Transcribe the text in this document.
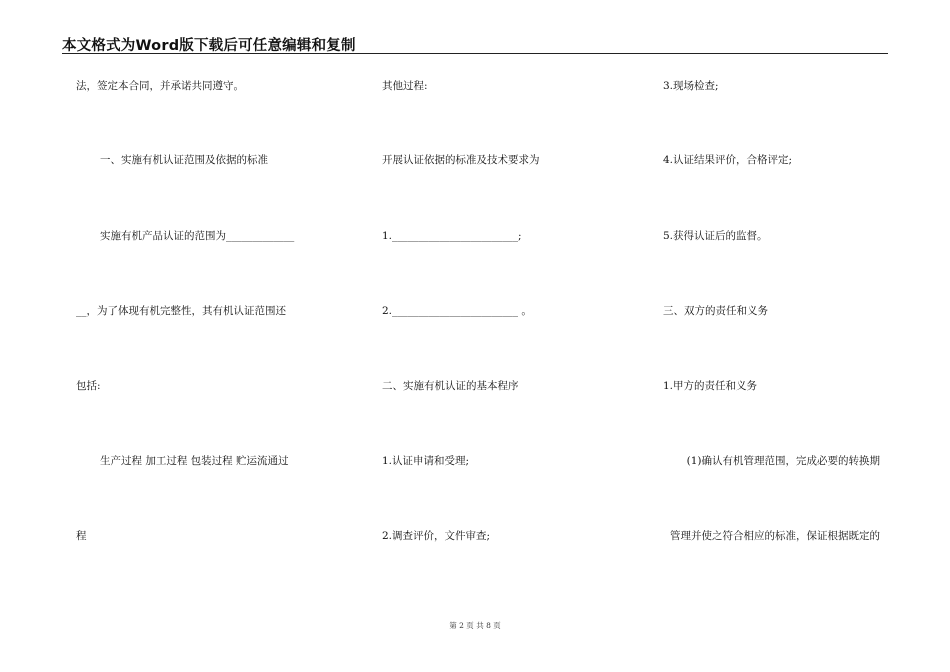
本文格式为Word版下载后可任意编辑和复制
法，签定本合同，并承诺共同遵守。
一、实施有机认证范围及依据的标准
实施有机产品认证的范围为_____________
__，为了体现有机完整性，其有机认证范围还
包括:
生产过程 加工过程 包装过程 贮运流通过
程
其他过程:
开展认证依据的标准及技术要求为
1.________________________;
2.________________________ 。
二、实施有机认证的基本程序
1.认证申请和受理;
2.调查评价，文件审查;
3.现场检查;
4.认证结果评价，合格评定;
5.获得认证后的监督。
三、双方的责任和义务
1.甲方的责任和义务
(1)确认有机管理范围，完成必要的转换期
管理并使之符合相应的标准，保证根据既定的
第 2 页 共 8 页
